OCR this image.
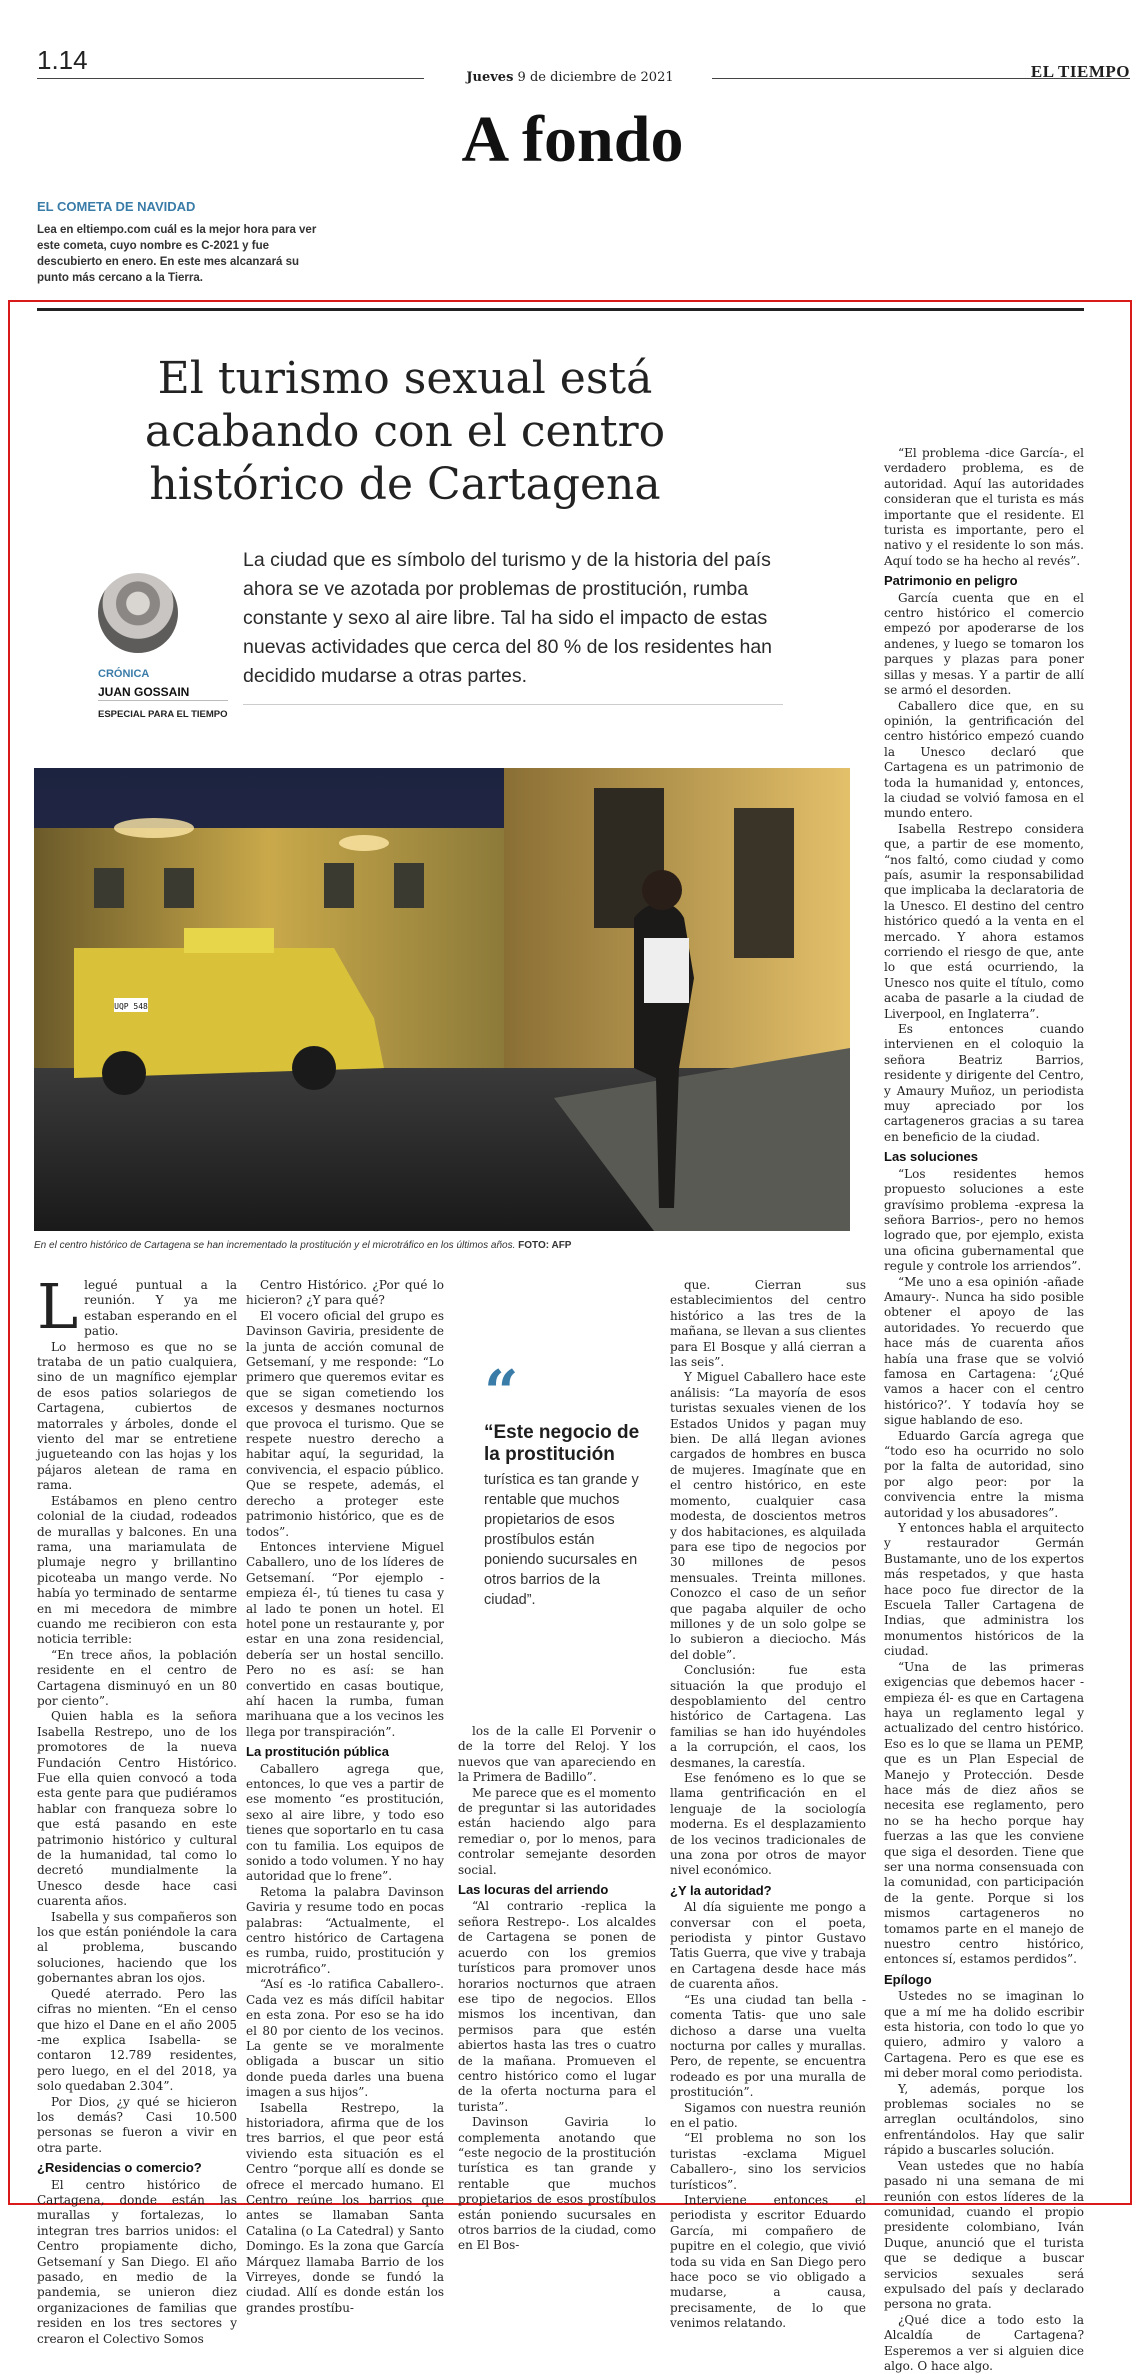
1.14
Jueves 9 de diciembre de 2021	EL TIEMPO
A fondo
EL COMETA DE NAVIDAD
Lea en eltiempo.com cuál es la mejor hora para ver este cometa, cuyo nombre es C-2021 y fue descubierto en enero. En este mes alcanzará su punto más cercano a la Tierra.
El turismo sexual está acabando con el centro histórico de Cartagena
CRÓNICA
JUAN GOSSAIN
ESPECIAL PARA EL TIEMPO
La ciudad que es símbolo del turismo y de la historia del país ahora se ve azotada por problemas de prostitución, rumba constante y sexo al aire libre. Tal ha sido el impacto de estas nuevas actividades que cerca del 80 % de los residentes han decidido mudarse a otras partes.
UQP 548
En el centro histórico de Cartagena se han incrementado la prostitución y el microtráfico en los últimos años. FOTO: AFP

Llegué puntual a la reunión. Y ya me estaban esperando en el patio.

Lo hermoso es que no se trataba de un patio cualquiera, sino de un magnífico ejemplar de esos patios solariegos de Cartagena, cubiertos de matorrales y árboles, donde el viento del mar se entretiene jugueteando con las hojas y los pájaros aletean de rama en rama.

Estábamos en pleno centro colonial de la ciudad, rodeados de murallas y balcones. En una rama, una mariamulata de plumaje negro y brillantino picoteaba un mango verde. No había yo terminado de sentarme en mi mecedora de mimbre cuando me recibieron con esta noticia terrible:

“En trece años, la población residente en el centro de Cartagena disminuyó en un 80 por ciento”.

Quien habla es la señora Isabella Restrepo, uno de los promotores de la nueva Fundación Centro Histórico. Fue ella quien convocó a toda esta gente para que pudiéramos hablar con franqueza sobre lo que está pasando en este patrimonio histórico y cultural de la humanidad, tal como lo decretó mundialmente la Unesco desde hace casi cuarenta años.

Isabella y sus compañeros son los que están poniéndole la cara al problema, buscando soluciones, haciendo que los gobernantes abran los ojos.

Quedé aterrado. Pero las cifras no mienten. “En el censo que hizo el Dane en el año 2005 -me explica Isabella- se contaron 12.789 residentes, pero luego, en el del 2018, ya solo quedaban 2.304”.

Por Dios, ¿y qué se hicieron los demás? Casi 10.500 personas se fueron a vivir en otra parte.

¿Residencias o comercio?

El centro histórico de Cartagena, donde están las murallas y fortalezas, lo integran tres barrios unidos: el Centro propiamente dicho, Getsemaní y San Diego. El año pasado, en medio de la pandemia, se unieron diez organizaciones de familias que residen en los tres sectores y crearon el Colectivo Somos

Centro Histórico. ¿Por qué lo hicieron? ¿Y para qué?

El vocero oficial del grupo es Davinson Gaviria, presidente de la junta de acción comunal de Getsemaní, y me responde: “Lo primero que queremos evitar es que se sigan cometiendo los excesos y desmanes nocturnos que provoca el turismo. Que se respete nuestro derecho a habitar aquí, la seguridad, la convivencia, el espacio público. Que se respete, además, el derecho a proteger este patrimonio histórico, que es de todos”.

Entonces interviene Miguel Caballero, uno de los líderes de Getsemaní. “Por ejemplo -empieza él-, tú tienes tu casa y al lado te ponen un hotel. El hotel pone un restaurante y, por estar en una zona residencial, debería ser un hostal sencillo. Pero no es así: se han convertido en casas boutique, ahí hacen la rumba, fuman marihuana que a los vecinos les llega por transpiración”.

La prostitución pública

Caballero agrega que, entonces, lo que ves a partir de ese momento “es prostitución, sexo al aire libre, y todo eso tienes que soportarlo en tu casa con tu familia. Los equipos de sonido a todo volumen. Y no hay autoridad que lo frene”.

Retoma la palabra Davinson Gaviria y resume todo en pocas palabras: “Actualmente, el centro histórico de Cartagena es rumba, ruido, prostitución y microtráfico”.

“Así es -lo ratifica Caballero-. Cada vez es más difícil habitar en esta zona. Por eso se ha ido el 80 por ciento de los vecinos. La gente se ve moralmente obligada a buscar un sitio donde pueda darles una buena imagen a sus hijos”.

Isabella Restrepo, la historiadora, afirma que de los tres barrios, el que peor está viviendo esta situación es el Centro “porque allí es donde se ofrece el mercado humano. El Centro reúne los barrios que antes se llamaban Santa Catalina (o La Catedral) y Santo Domingo. Es la zona que García Márquez llamaba Barrio de los Virreyes, donde se fundó la ciudad. Allí es donde están los grandes prostíbu-

“
“Este negocio de la prostitución
turística es tan grande y rentable que muchos propietarios de esos prostíbulos están poniendo sucursales en otros barrios de la ciudad”.

los de la calle El Porvenir o de la torre del Reloj. Y los nuevos que van apareciendo en la Primera de Badillo”.

Me parece que es el momento de preguntar si las autoridades están haciendo algo para remediar o, por lo menos, para controlar semejante desorden social.

Las locuras del arriendo

“Al contrario -replica la señora Restrepo-. Los alcaldes de Cartagena se ponen de acuerdo con los gremios turísticos para promover unos horarios nocturnos que atraen ese tipo de negocios. Ellos mismos los incentivan, dan permisos para que estén abiertos hasta las tres o cuatro de la mañana. Promueven el centro histórico como el lugar de la oferta nocturna para el turista”.

Davinson Gaviria lo complementa anotando que “este negocio de la prostitución turística es tan grande y rentable que muchos propietarios de esos prostíbulos están poniendo sucursales en otros barrios de la ciudad, como en El Bos-

que. Cierran sus establecimientos del centro histórico a las tres de la mañana, se llevan a sus clientes para El Bosque y allá cierran a las seis”.

Y Miguel Caballero hace este análisis: “La mayoría de esos turistas sexuales vienen de los Estados Unidos y pagan muy bien. De allá llegan aviones cargados de hombres en busca de mujeres. Imagínate que en el centro histórico, en este momento, cualquier casa modesta, de doscientos metros y dos habitaciones, es alquilada para ese tipo de negocios por 30 millones de pesos mensuales. Treinta millones. Conozco el caso de un señor que pagaba alquiler de ocho millones y de un solo golpe se lo subieron a dieciocho. Más del doble”.

Conclusión: fue esta situación la que produjo el despoblamiento del centro histórico de Cartagena. Las familias se han ido huyéndoles a la corrupción, el caos, los desmanes, la carestía.

Ese fenómeno es lo que se llama gentrificación en el lenguaje de la sociología moderna. Es el desplazamiento de los vecinos tradicionales de una zona por otros de mayor nivel económico.

¿Y la autoridad?

Al día siguiente me pongo a conversar con el poeta, periodista y pintor Gustavo Tatis Guerra, que vive y trabaja en Cartagena desde hace más de cuarenta años.

“Es una ciudad tan bella -comenta Tatis- que uno sale dichoso a darse una vuelta nocturna por calles y murallas. Pero, de repente, se encuentra rodeado es por una muralla de prostitución”.

Sigamos con nuestra reunión en el patio.

“El problema no son los turistas -exclama Miguel Caballero-, sino los servicios turísticos”.

Interviene entonces el periodista y escritor Eduardo García, mi compañero de pupitre en el colegio, que vivió toda su vida en San Diego pero hace poco se vio obligado a mudarse, a causa, precisamente, de lo que venimos relatando.

“El problema -dice García-, el verdadero problema, es de autoridad. Aquí las autoridades consideran que el turista es más importante que el residente. El turista es importante, pero el nativo y el residente lo son más. Aquí todo se ha hecho al revés”.

Patrimonio en peligro

García cuenta que en el centro histórico el comercio empezó por apoderarse de los andenes, y luego se tomaron los parques y plazas para poner sillas y mesas. Y a partir de allí se armó el desorden.

Caballero dice que, en su opinión, la gentrificación del centro histórico empezó cuando la Unesco declaró que Cartagena es un patrimonio de toda la humanidad y, entonces, la ciudad se volvió famosa en el mundo entero.

Isabella Restrepo considera que, a partir de ese momento, “nos faltó, como ciudad y como país, asumir la responsabilidad que implicaba la declaratoria de la Unesco. El destino del centro histórico quedó a la venta en el mercado. Y ahora estamos corriendo el riesgo de que, ante lo que está ocurriendo, la Unesco nos quite el título, como acaba de pasarle a la ciudad de Liverpool, en Inglaterra”.

Es entonces cuando intervienen en el coloquio la señora Beatriz Barrios, residente y dirigente del Centro, y Amaury Muñoz, un periodista muy apreciado por los cartageneros gracias a su tarea en beneficio de la ciudad.

Las soluciones

“Los residentes hemos propuesto soluciones a este gravísimo problema -expresa la señora Barrios-, pero no hemos logrado que, por ejemplo, exista una oficina gubernamental que regule y controle los arriendos”.

“Me uno a esa opinión -añade Amaury-. Nunca ha sido posible obtener el apoyo de las autoridades. Yo recuerdo que hace más de cuarenta años había una frase que se volvió famosa en Cartagena: ‘¿Qué vamos a hacer con el centro histórico?’. Y todavía hoy se sigue hablando de eso.

Eduardo García agrega que “todo eso ha ocurrido no solo por la falta de autoridad, sino por algo peor: por la convivencia entre la misma autoridad y los abusadores”.

Y entonces habla el arquitecto y restaurador Germán Bustamante, uno de los expertos más respetados, y que hasta hace poco fue director de la Escuela Taller Cartagena de Indias, que administra los monumentos históricos de la ciudad.

“Una de las primeras exigencias que debemos hacer -empieza él- es que en Cartagena haya un reglamento legal y actualizado del centro histórico. Eso es lo que se llama un PEMP, que es un Plan Especial de Manejo y Protección. Desde hace más de diez años se necesita ese reglamento, pero no se ha hecho porque hay fuerzas a las que les conviene que siga el desorden. Tiene que ser una norma consensuada con la comunidad, con participación de la gente. Porque si los mismos cartageneros no tomamos parte en el manejo de nuestro centro histórico, entonces sí, estamos perdidos”.

Epílogo

Ustedes no se imaginan lo que a mí me ha dolido escribir esta historia, con todo lo que yo quiero, admiro y valoro a Cartagena. Pero es que ese es mi deber moral como periodista.

Y, además, porque los problemas sociales no se arreglan ocultándolos, sino enfrentándolos. Hay que salir rápido a buscarles solución.

Vean ustedes que no había pasado ni una semana de mi reunión con estos líderes de la comunidad, cuando el propio presidente colombiano, Iván Duque, anunció que el turista que se dedique a buscar servicios sexuales será expulsado del país y declarado persona no grata.

¿Qué dice a todo esto la Alcaldía de Cartagena? Esperemos a ver si alguien dice algo. O hace algo.
